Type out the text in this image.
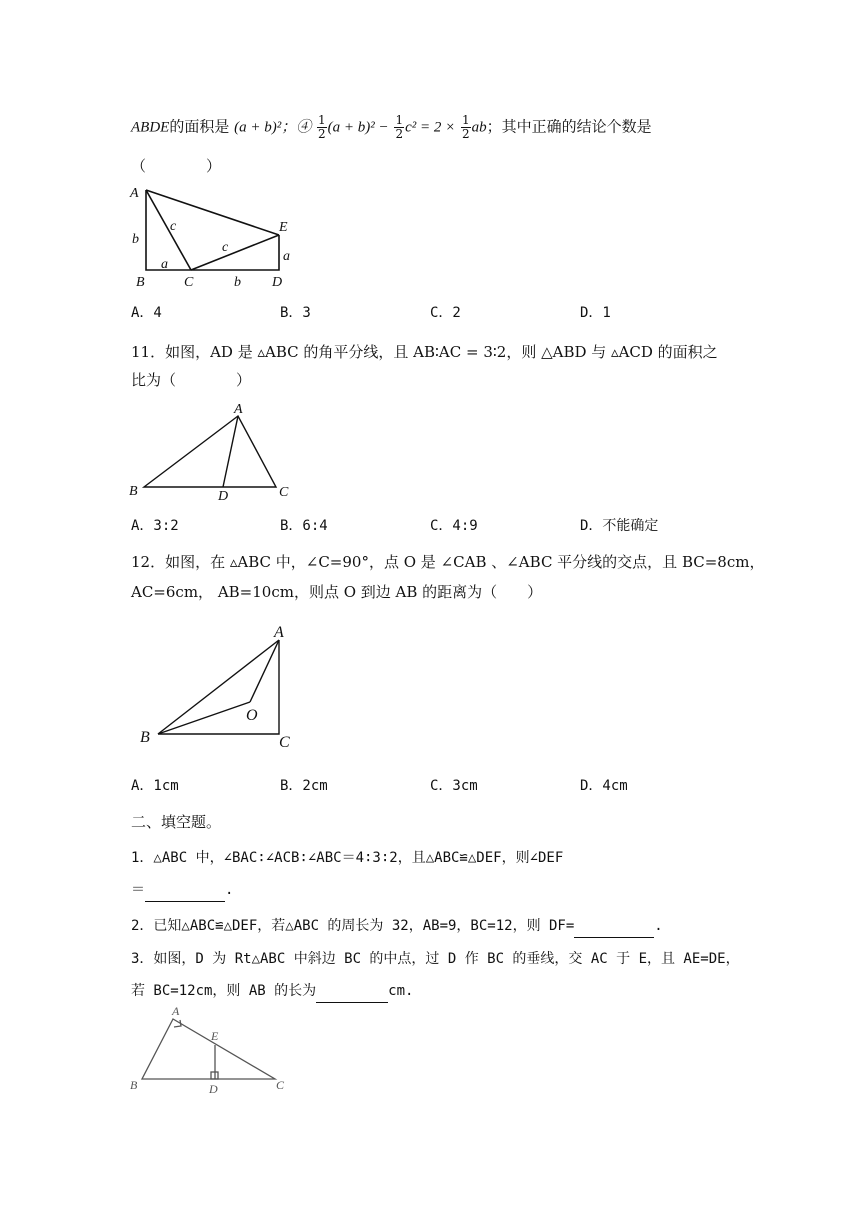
ABDE的面积是 (a + b)²；④ $\frac{1}{2} (a + b)^2 - \frac{1}{2} c^2 = 2 \times \frac{1}{2}$ ab；其中正确的结论个数是
（　　　　）
A
b
B
a
c
C
c
b D
a
E
A．4	B．3	C．2	D．1
11．如图，AD 是 ▵ABC 的角平分线，且 AB∶AC = 3∶2，则 △ABD 与 ▵ACD 的面积之
比为（　　　　）
A
B	D	C
A．3:2	B．6:4	C．4:9	D．不能确定
12．如图，在 ▵ABC 中，∠C=90°，点 O 是 ∠CAB 、∠ABC 平分线的交点，且 BC=8cm，
AC=6cm， AB=10cm，则点 O 到边 AB 的距离为（　　）
A
B
O
C
A．1cm	B．2cm	C．3cm	D．4cm
二、填空题。
1．△ABC 中，∠BAC∶∠ACB∶∠ABC＝4∶3∶2，且△ABC≌△DEF，则∠DEF
＝	.
2．已知△ABC≌△DEF，若△ABC 的周长为 32，AB=9，BC=12，则 DF=	.
3．如图，D 为 Rt△ABC 中斜边 BC 的中点，过 D 作 BC 的垂线，交 AC 于 E，且 AE=DE，
若 BC=12cm，则 AB 的长为	cm.
A
E
B	D	C
